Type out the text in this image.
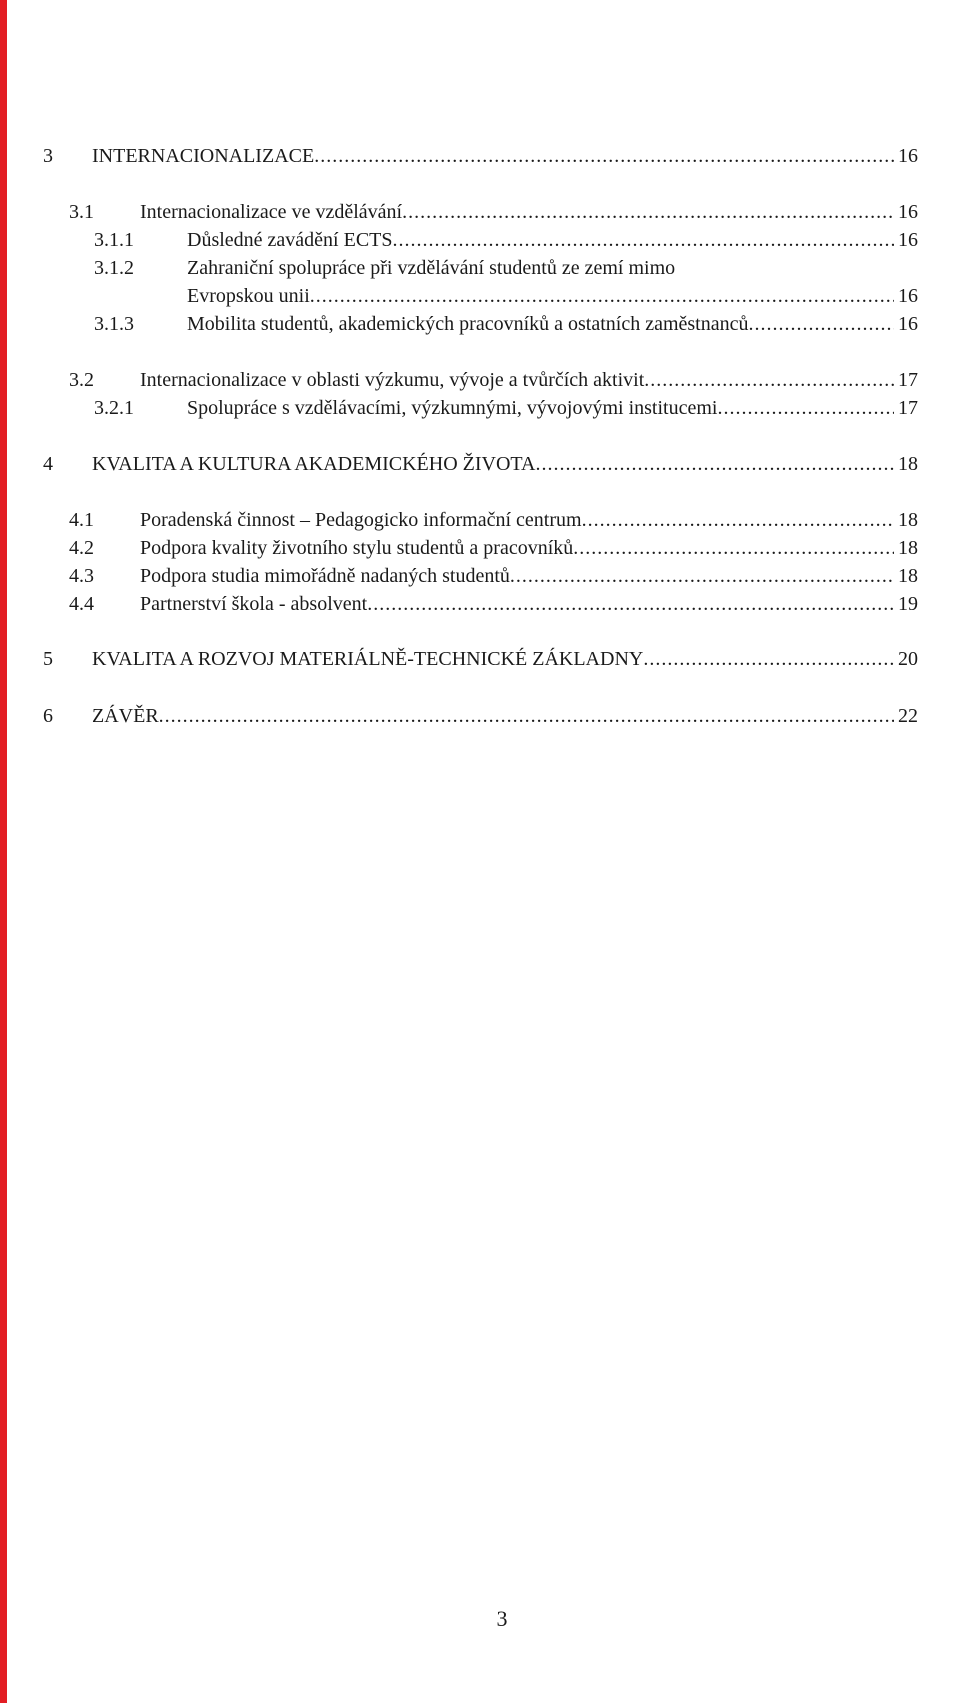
3 INTERNACIONALIZACE .....	16
3.1 Internacionalizace ve vzdělávání .....	16
3.1.1	Důsledné zavádění ECTS .....	16
3.1.2	Zahraniční spolupráce při vzdělávání studentů ze zemí mimo
Evropskou unii .....	16
3.1.3	Mobilita studentů, akademických pracovníků a ostatních zaměstnanců .....	16
3.2 Internacionalizace v oblasti výzkumu, vývoje a tvůrčích aktivit .....	17
3.2.1	Spolupráce s vzdělávacími, výzkumnými, vývojovými institucemi .....	17
4 KVALITA A KULTURA AKADEMICKÉHO ŽIVOTA .....	18
4.1 Poradenská činnost – Pedagogicko informační centrum .....	18
4.2 Podpora kvality životního stylu studentů a pracovníků .....	18
4.3 Podpora studia mimořádně nadaných studentů .....	18
4.4 Partnerství škola - absolvent .....	19
5 KVALITA A ROZVOJ MATERIÁLNĚ-TECHNICKÉ ZÁKLADNY .....	20
6 ZÁVĚR .....	22
3
